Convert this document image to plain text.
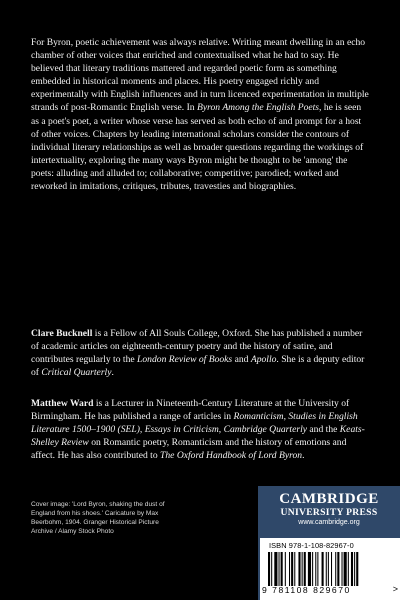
For Byron, poetic achievement was always relative. Writing meant dwelling in an echo chamber of other voices that enriched and contextualised what he had to say. He believed that literary traditions mattered and regarded poetic form as something embedded in historical moments and places. His poetry engaged richly and experimentally with English influences and in turn licenced experimentation in multiple strands of post-Romantic English verse. In Byron Among the English Poets, he is seen as a poet's poet, a writer whose verse has served as both echo of and prompt for a host of other voices. Chapters by leading international scholars consider the contours of individual literary relationships as well as broader questions regarding the workings of intertextuality, exploring the many ways Byron might be thought to be 'among' the poets: alluding and alluded to; collaborative; competitive; parodied; worked and reworked in imitations, critiques, tributes, travesties and biographies.

Clare Bucknell is a Fellow of All Souls College, Oxford. She has published a number of academic articles on eighteenth-century poetry and the history of satire, and contributes regularly to the London Review of Books and Apollo. She is a deputy editor of Critical Quarterly.

Matthew Ward is a Lecturer in Nineteenth-Century Literature at the University of Birmingham. He has published a range of articles in Romanticism, Studies in English Literature 1500–1900 (SEL), Essays in Criticism, Cambridge Quarterly and the Keats-Shelley Review on Romantic poetry, Romanticism and the history of emotions and affect. He has also contributed to The Oxford Handbook of Lord Byron.

Cover image: 'Lord Byron, shaking the dust of England from his shoes.' Caricature by Max Beerbohm, 1904. Granger Historical Picture Archive / Alamy Stock Photo
CAMBRIDGE
UNIVERSITY PRESS
www.cambridge.org
ISBN 978-1-108-82967-0
9 781108 829670	>
